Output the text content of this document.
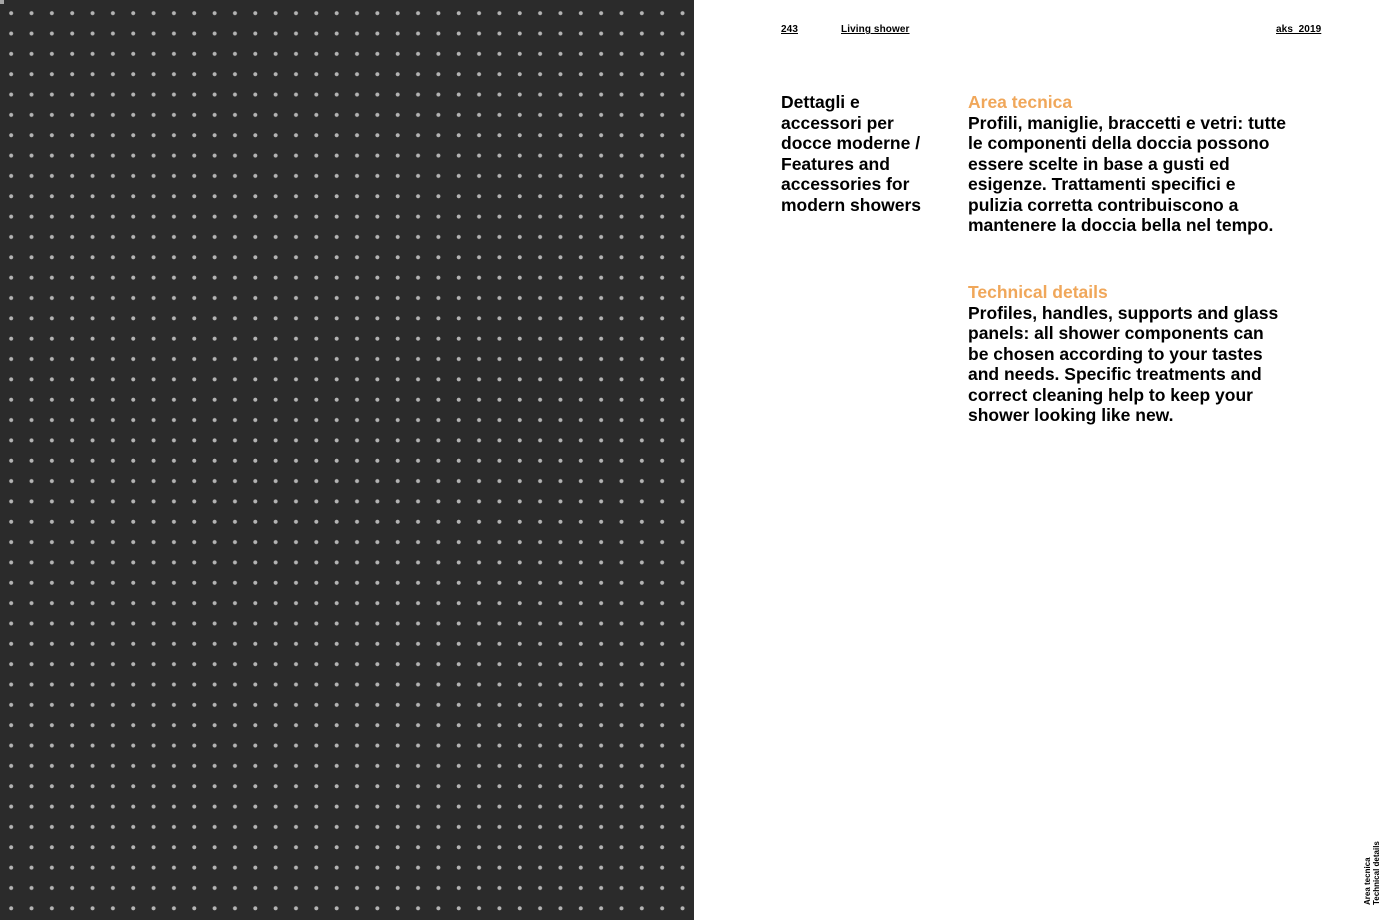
243	Living shower	aks_2019

Dettagli e accessori per docce moderne / Features and accessories for modern showers

Area tecnica

Profili, maniglie, braccetti e vetri: tutte le componenti della doccia possono essere scelte in base a gusti ed esigenze. Trattamenti specifici e pulizia corretta contribuiscono a mantenere la doccia bella nel tempo.

Technical details

Profiles, handles, supports and glass panels: all shower components can be chosen according to your tastes and needs. Specific treatments and correct cleaning help to keep your shower looking like new.

Area tecnica Technical details
